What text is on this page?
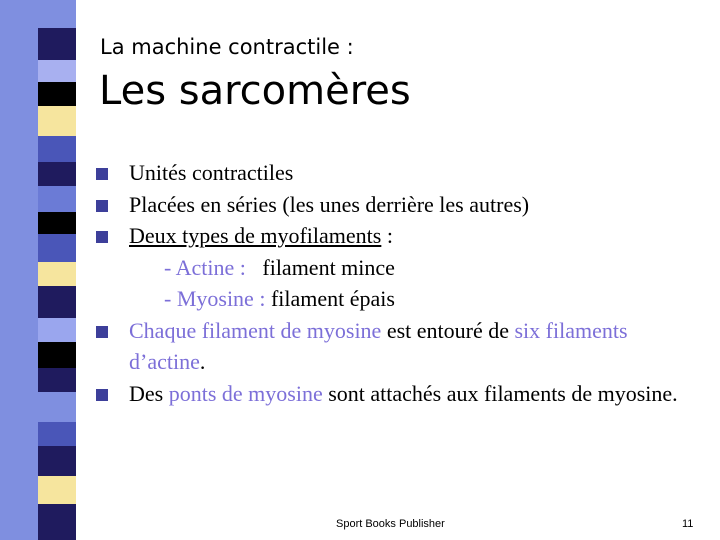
La machine contractile :
Les sarcomères
Unités contractiles
Placées en séries (les unes derrière les autres)
Deux types de myofilaments :
- Actine :   filament mince
- Myosine : filament épais
Chaque filament de myosine est entouré de six filaments d’actine.
Des ponts de myosine sont attachés aux filaments de myosine.
Sport Books Publisher	11
